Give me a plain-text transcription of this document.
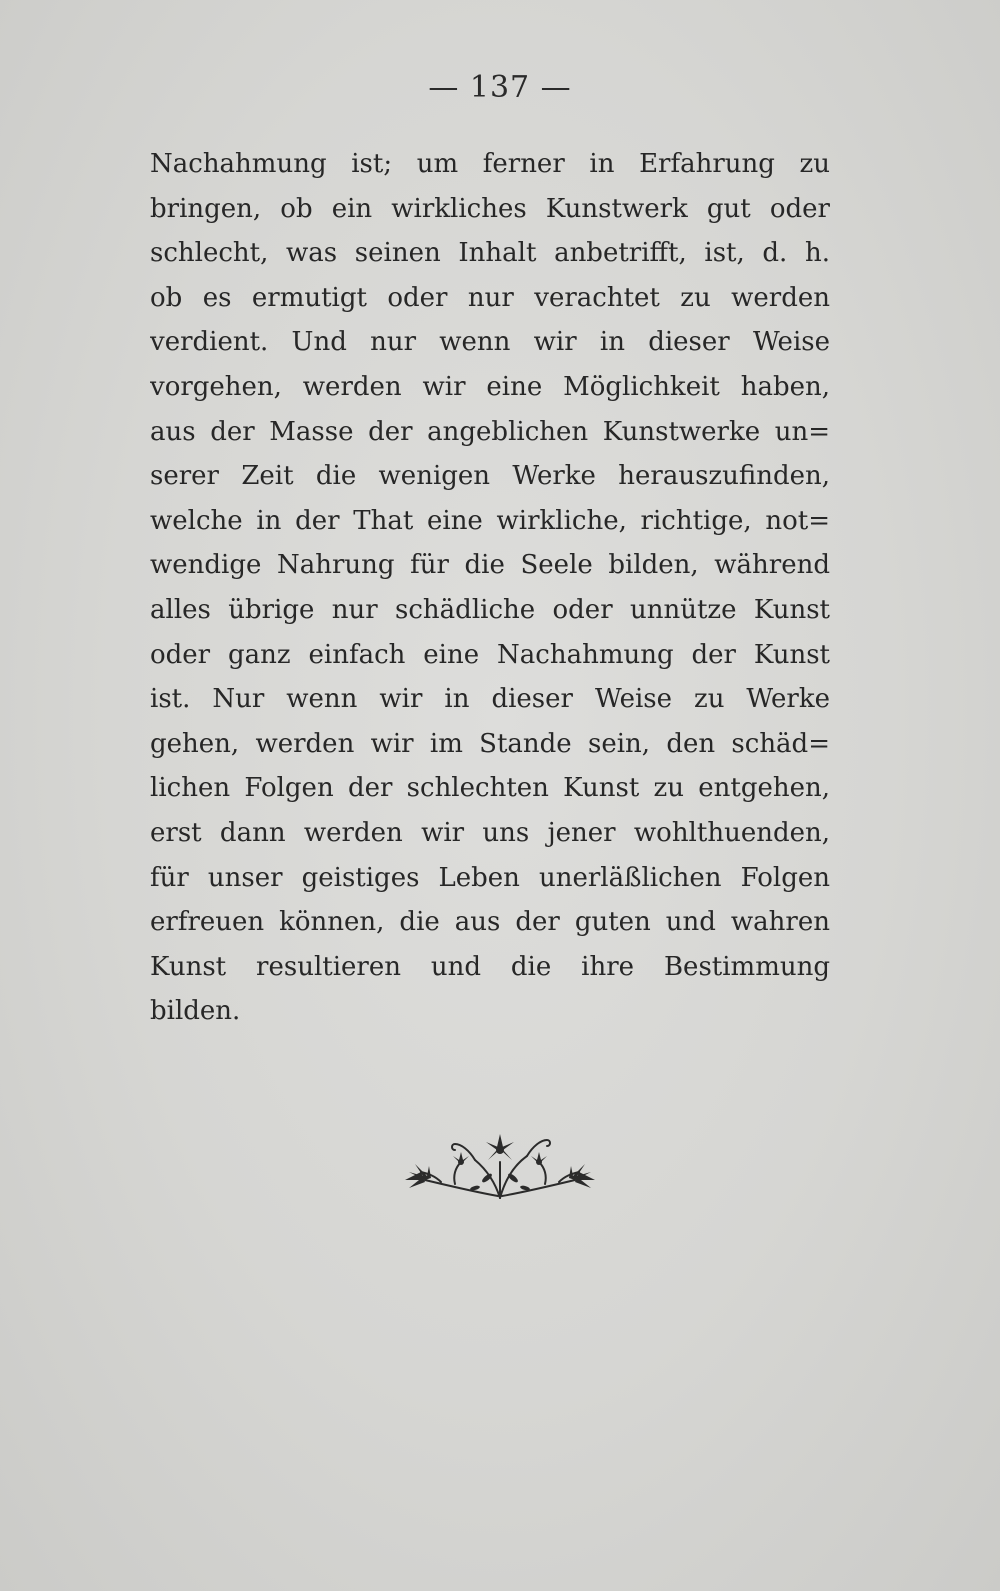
— 137 —
Nachahmung ist; um ferner in Erfahrung zu
bringen, ob ein wirkliches Kunstwerk gut oder
schlecht, was seinen Inhalt anbetrifft, ist, d. h.
ob es ermutigt oder nur verachtet zu werden
verdient. Und nur wenn wir in dieser Weise
vorgehen, werden wir eine Möglichkeit haben,
aus der Masse der angeblichen Kunstwerke un=
serer Zeit die wenigen Werke herauszufinden,
welche in der That eine wirkliche, richtige, not=
wendige Nahrung für die Seele bilden, während
alles übrige nur schädliche oder unnütze Kunst
oder ganz einfach eine Nachahmung der Kunst
ist. Nur wenn wir in dieser Weise zu Werke
gehen, werden wir im Stande sein, den schäd=
lichen Folgen der schlechten Kunst zu entgehen,
erst dann werden wir uns jener wohlthuenden,
für unser geistiges Leben unerläßlichen Folgen
erfreuen können, die aus der guten und wahren
Kunst resultieren und die ihre Bestimmung
bilden.
